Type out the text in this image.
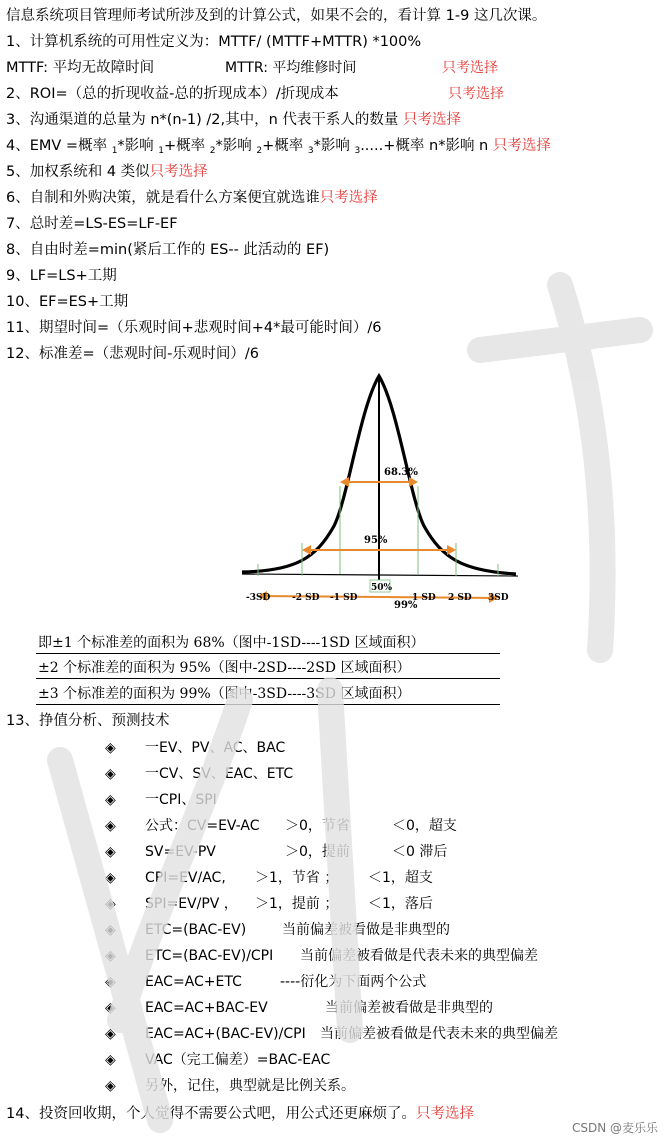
信息系统项目管理师考试所涉及到的计算公式，如果不会的，看计算 1-9 这几次课。
1、计算机系统的可用性定义为：MTTF/ (MTTF+MTTR) *100%
MTTF: 平均无故障时间	MTTR: 平均维修时间	只考选择
2、ROI=（总的折现收益-总的折现成本）/折现成本	只考选择
3、沟通渠道的总量为 n*(n-1) /2,其中，n 代表干系人的数量 只考选择
4、EMV =概率 $_1$*影响 $_1$+概率 $_2$*影响 $_2$+概率 $_3$*影响 $_3$.....+概率 n*影响 n 只考选择
5、加权系统和 4 类似只考选择
6、自制和外购决策，就是看什么方案便宜就选谁只考选择
7、总时差=LS-ES=LF-EF
8、自由时差=min(紧后工作的 ES-- 此活动的 EF)
9、LF=LS+工期
10、EF=ES+工期
11、期望时间=（乐观时间+悲观时间+4*最可能时间）/6
12、标准差=（悲观时间-乐观时间）/6
68.3%
95%
50%
99%
-3SD -2 SD -1 SD	1 SD 2 SD 3SD
即±1 个标准差的面积为 68%（图中-1SD----1SD 区域面积）
±2 个标准差的面积为 95%（图中-2SD----2SD 区域面积）
±3 个标准差的面积为 99%（图中-3SD----3SD 区域面积）
13、挣值分析、预测技术
◈ 一EV、PV、AC、BAC
◈ 一CV、SV、EAC、ETC
◈ 一CPI、SPI
◈ 公式：CV=EV-AC ＞0，节省	＜0，超支
◈ SV=EV-PV	＞0，提前	＜0 滞后
◈ CPI=EV/AC, ＞1，节省 ； ＜1，超支
◈ SPI=EV/PV ， ＞1，提前 ； ＜1，落后
◈ ETC=(BAC-EV)	当前偏差被看做是非典型的
◈ ETC=(BAC-EV)/CPI 当前偏差被看做是代表未来的典型偏差
◈ EAC=AC+ETC	----衍化为下面两个公式
◈ EAC=AC+BAC-EV	当前偏差被看做是非典型的
◈ EAC=AC+(BAC-EV)/CPI 当前偏差被看做是代表未来的典型偏差
◈ VAC（完工偏差）=BAC-EAC
◈ 另外，记住，典型就是比例关系。
14、投资回收期，个人觉得不需要公式吧，用公式还更麻烦了。只考选择
CSDN @麦乐乐
